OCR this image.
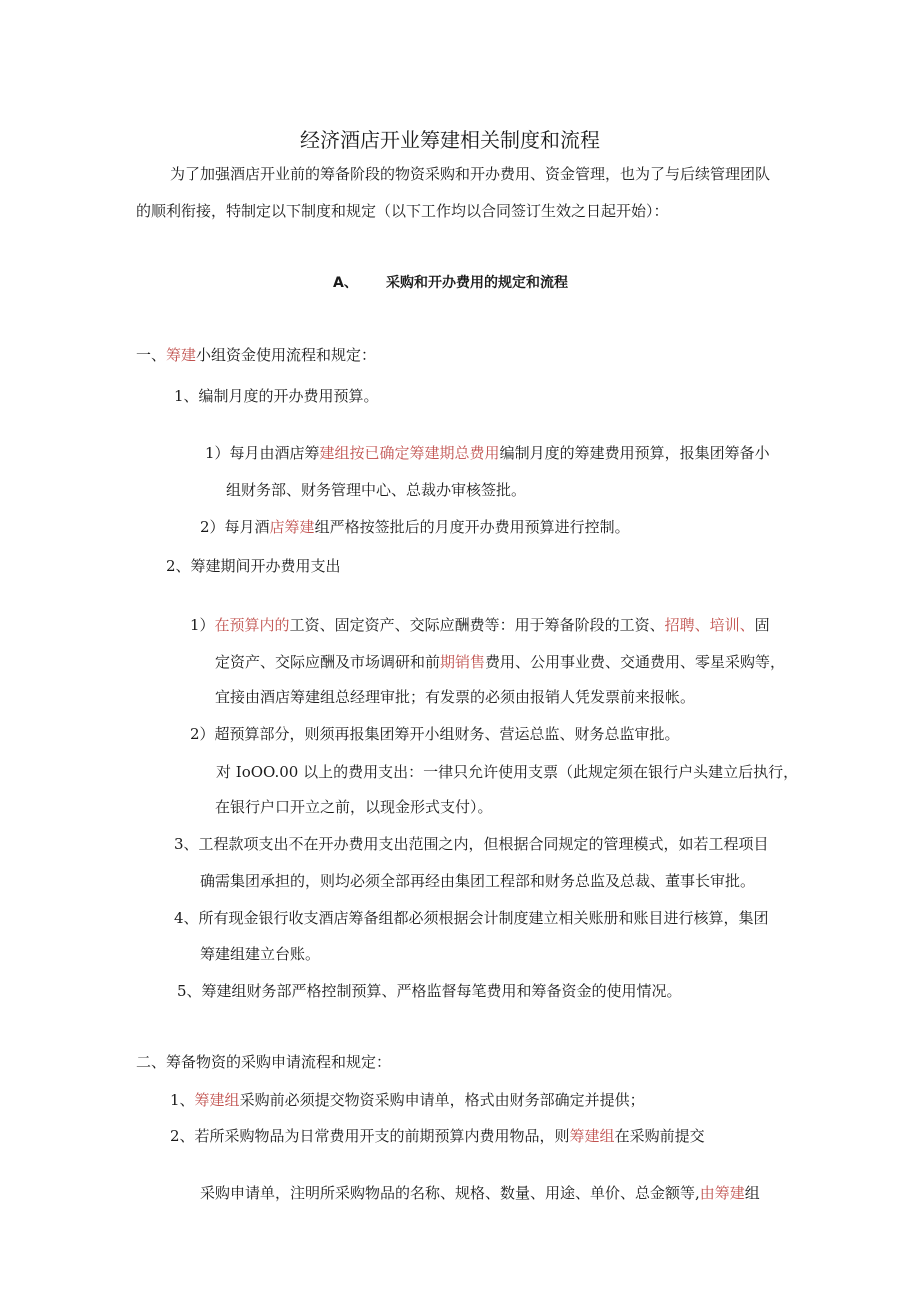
经济酒店开业筹建相关制度和流程
为了加强酒店开业前的筹备阶段的物资采购和开办费用、资金管理，也为了与后续管理团队
的顺利衔接，特制定以下制度和规定（以下工作均以合同签订生效之日起开始）：
A、 采购和开办费用的规定和流程
一、筹建小组资金使用流程和规定：
1、编制月度的开办费用预算。
1）每月由酒店筹建组按已确定筹建期总费用编制月度的筹建费用预算，报集团筹备小
组财务部、财务管理中心、总裁办审核签批。
2）每月酒店筹建组严格按签批后的月度开办费用预算进行控制。
2、筹建期间开办费用支出
1）在预算内的工资、固定资产、交际应酬费等：用于筹备阶段的工资、招聘、培训、固
定资产、交际应酬及市场调研和前期销售费用、公用事业费、交通费用、零星采购等，
宜接由酒店筹建组总经理审批；有发票的必须由报销人凭发票前来报帐。
2）超预算部分，则须再报集团筹开小组财务、营运总监、财务总监审批。
对 IoOO.00 以上的费用支出：一律只允许使用支票（此规定须在银行户头建立后执行，
在银行户口开立之前，以现金形式支付）。
3、工程款项支出不在开办费用支出范围之内，但根据合同规定的管理模式，如若工程项目
确需集团承担的，则均必须全部再经由集团工程部和财务总监及总裁、董事长审批。
4、所有现金银行收支酒店筹备组都必须根据会计制度建立相关账册和账目进行核算，集团
筹建组建立台账。
5、筹建组财务部严格控制预算、严格监督每笔费用和筹备资金的使用情况。
二、筹备物资的采购申请流程和规定：
1、筹建组采购前必须提交物资采购申请单，格式由财务部确定并提供；
2、若所采购物品为日常费用开支的前期预算内费用物品，则筹建组在采购前提交
采购申请单，注明所采购物品的名称、规格、数量、用途、单价、总金额等,由筹建组
